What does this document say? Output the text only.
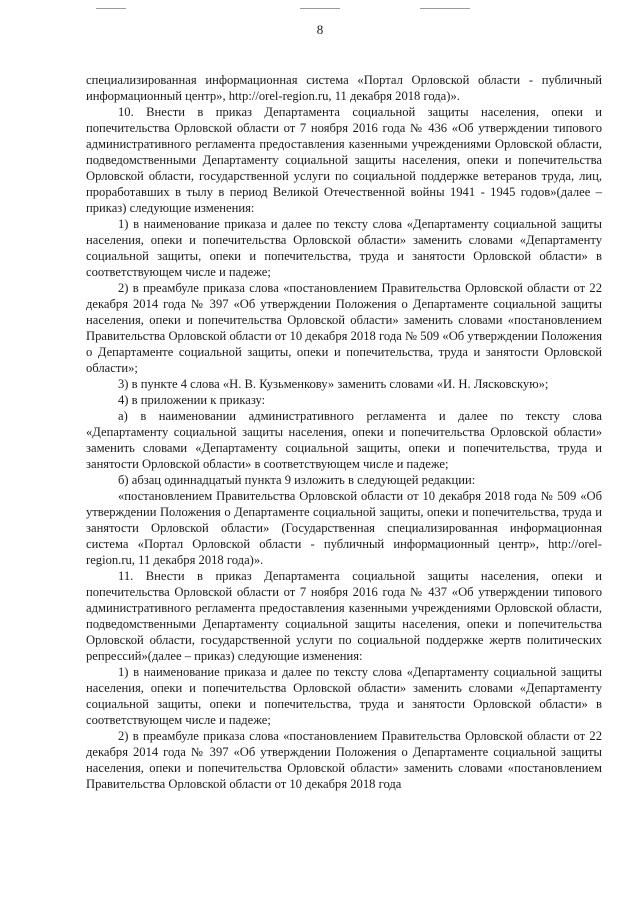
8

специализированная информационная система «Портал Орловской области - публичный информационный центр», http://orel-region.ru, 11 декабря 2018 года)».

10. Внести в приказ Департамента социальной защиты населения, опеки и попечительства Орловской области от 7 ноября 2016 года № 436 «Об утверждении типового административного регламента предоставления казенными учреждениями Орловской области, подведомственными Департаменту социальной защиты населения, опеки и попечительства Орловской области, государственной услуги по социальной поддержке ветеранов труда, лиц, проработавших в тылу в период Великой Отечественной войны 1941 - 1945 годов»(далее – приказ) следующие изменения:

1) в наименование приказа и далее по тексту слова «Департаменту социальной защиты населения, опеки и попечительства Орловской области» заменить словами «Департаменту социальной защиты, опеки и попечительства, труда и занятости Орловской области» в соответствующем числе и падеже;

2) в преамбуле приказа слова «постановлением Правительства Орловской области от 22 декабря 2014 года № 397 «Об утверждении Положения о Департаменте социальной защиты населения, опеки и попечительства Орловской области» заменить словами «постановлением Правительства Орловской области от 10 декабря 2018 года № 509 «Об утверждении Положения о Департаменте социальной защиты, опеки и попечительства, труда и занятости Орловской области»;

3) в пункте 4 слова «Н. В. Кузьменкову» заменить словами «И. Н. Лясковскую»;

4) в приложении к приказу:

а) в наименовании административного регламента и далее по тексту слова «Департаменту социальной защиты населения, опеки и попечительства Орловской области» заменить словами «Департаменту социальной защиты, опеки и попечительства, труда и занятости Орловской области» в соответствующем числе и падеже;

б) абзац одиннадцатый пункта 9 изложить в следующей редакции:

«постановлением Правительства Орловской области от 10 декабря 2018 года № 509 «Об утверждении Положения о Департаменте социальной защиты, опеки и попечительства, труда и занятости Орловской области» (Государственная специализированная информационная система «Портал Орловской области - публичный информационный центр», http://orel-region.ru, 11 декабря 2018 года)».

11. Внести в приказ Департамента социальной защиты населения, опеки и попечительства Орловской области от 7 ноября 2016 года № 437 «Об утверждении типового административного регламента предоставления казенными учреждениями Орловской области, подведомственными Департаменту социальной защиты населения, опеки и попечительства Орловской области, государственной услуги по социальной поддержке жертв политических репрессий»(далее – приказ) следующие изменения:

1) в наименование приказа и далее по тексту слова «Департаменту социальной защиты населения, опеки и попечительства Орловской области» заменить словами «Департаменту социальной защиты, опеки и попечительства, труда и занятости Орловской области» в соответствующем числе и падеже;

2) в преамбуле приказа слова «постановлением Правительства Орловской области от 22 декабря 2014 года № 397 «Об утверждении Положения о Департаменте социальной защиты населения, опеки и попечительства Орловской области» заменить словами «постановлением Правительства Орловской области от 10 декабря 2018 года
